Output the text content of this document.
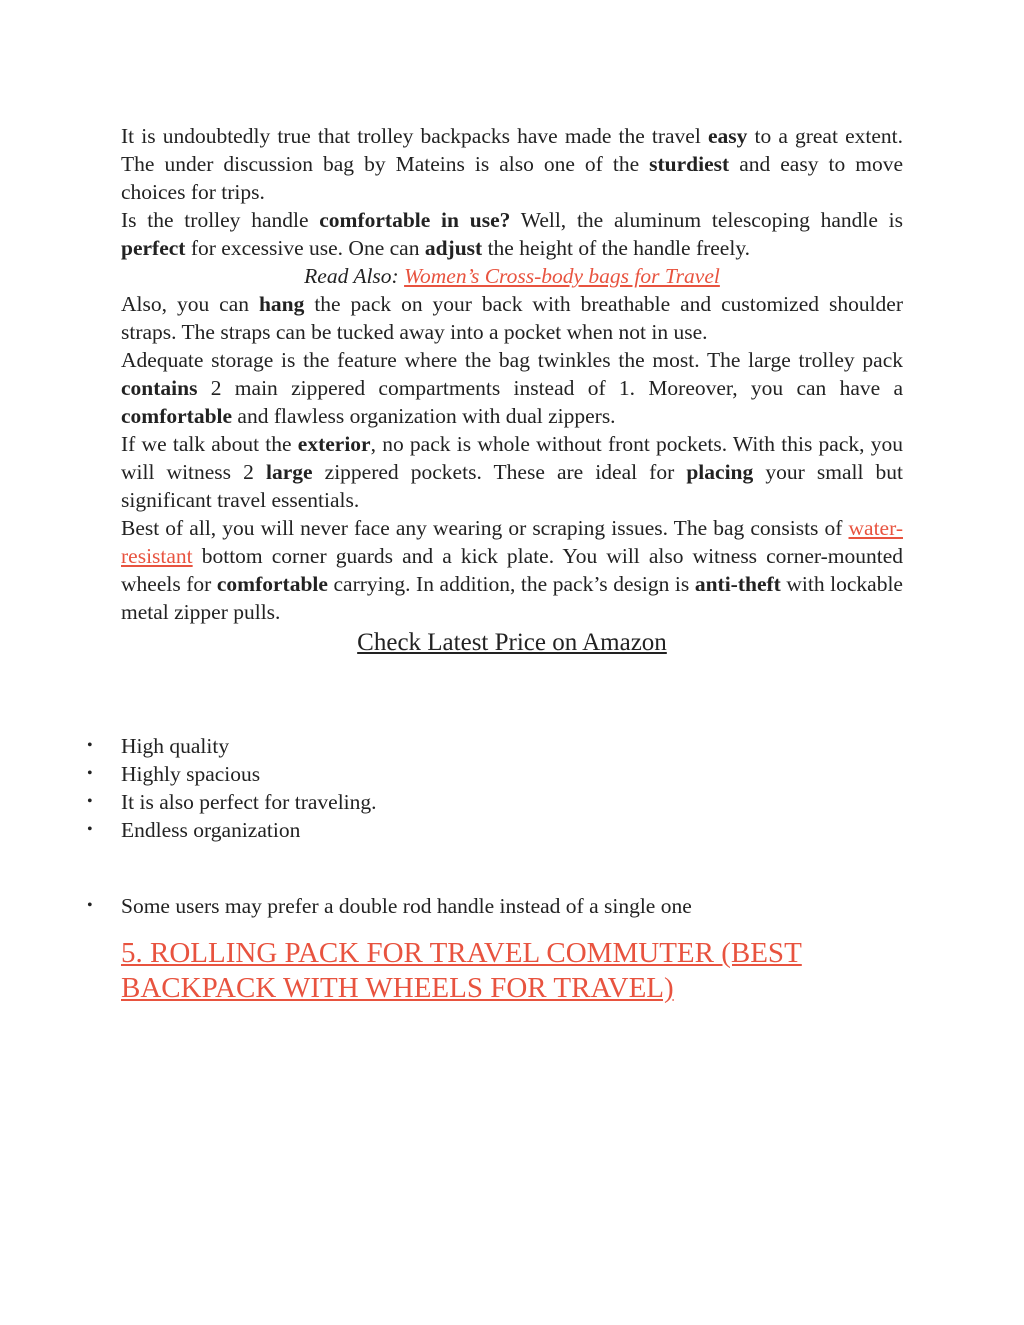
It is undoubtedly true that trolley backpacks have made the travel easy to a great extent. The under discussion bag by Mateins is also one of the sturdiest and easy to move choices for trips.

Is the trolley handle comfortable in use? Well, the aluminum telescoping handle is perfect for excessive use. One can adjust the height of the handle freely.

Read Also: Women’s Cross-body bags for Travel

Also, you can hang the pack on your back with breathable and customized shoulder straps. The straps can be tucked away into a pocket when not in use.

Adequate storage is the feature where the bag twinkles the most. The large trolley pack contains 2 main zippered compartments instead of 1. Moreover, you can have a comfortable and flawless organization with dual zippers.

If we talk about the exterior, no pack is whole without front pockets. With this pack, you will witness 2 large zippered pockets. These are ideal for placing your small but significant travel essentials.

Best of all, you will never face any wearing or scraping issues. The bag consists of water-resistant bottom corner guards and a kick plate. You will also witness corner-mounted wheels for comfortable carrying. In addition, the pack’s design is anti-theft with lockable metal zipper pulls.

Check Latest Price on Amazon

• High quality
• Highly spacious
• It is also perfect for traveling.
• Endless organization
• Some users may prefer a double rod handle instead of a single one
5. ROLLING PACK FOR TRAVEL COMMUTER (BEST BACKPACK WITH WHEELS FOR TRAVEL)
